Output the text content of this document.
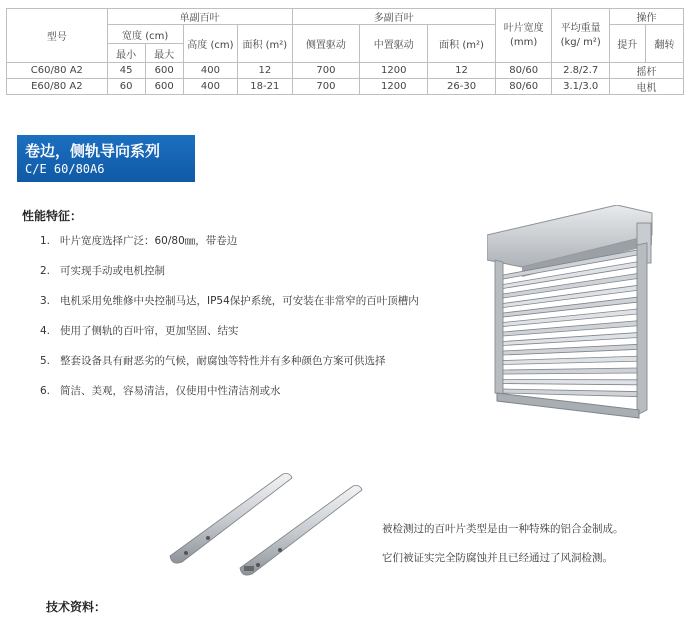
型号	单副百叶				多副百叶			叶片宽度 (mm)	平均重量 (kg/ m²)	操作	
	宽度 (cm)		高度 (cm)	面积 (m²)	侧置驱动	中置驱动	面积 (m²)			提升	翻转
	最小	最大									
C60/80 A2	45	600	400	12	700	1200	12	80/60	2.8/2.7	摇杆	
E60/80 A2	60	600	400	18-21	700	1200	26-30	80/60	3.1/3.0	电机	
卷边，侧轨导向系列
C/E 60/80A6
性能特征：
1. 叶片宽度选择广泛：60/80㎜，带卷边
2. 可实现手动或电机控制
3. 电机采用免维修中央控制马达，IP54保护系统，可安装在非常窄的百叶顶槽内
4. 使用了侧轨的百叶帘，更加坚固、结实
5. 整套设备具有耐恶劣的气候，耐腐蚀等特性并有多种颜色方案可供选择
6. 简洁、美观，容易清洁，仅使用中性清洁剂或水
被检测过的百叶片类型是由一种特殊的铝合金制成。
它们被证实完全防腐蚀并且已经通过了风洞检测。
技术资料：
